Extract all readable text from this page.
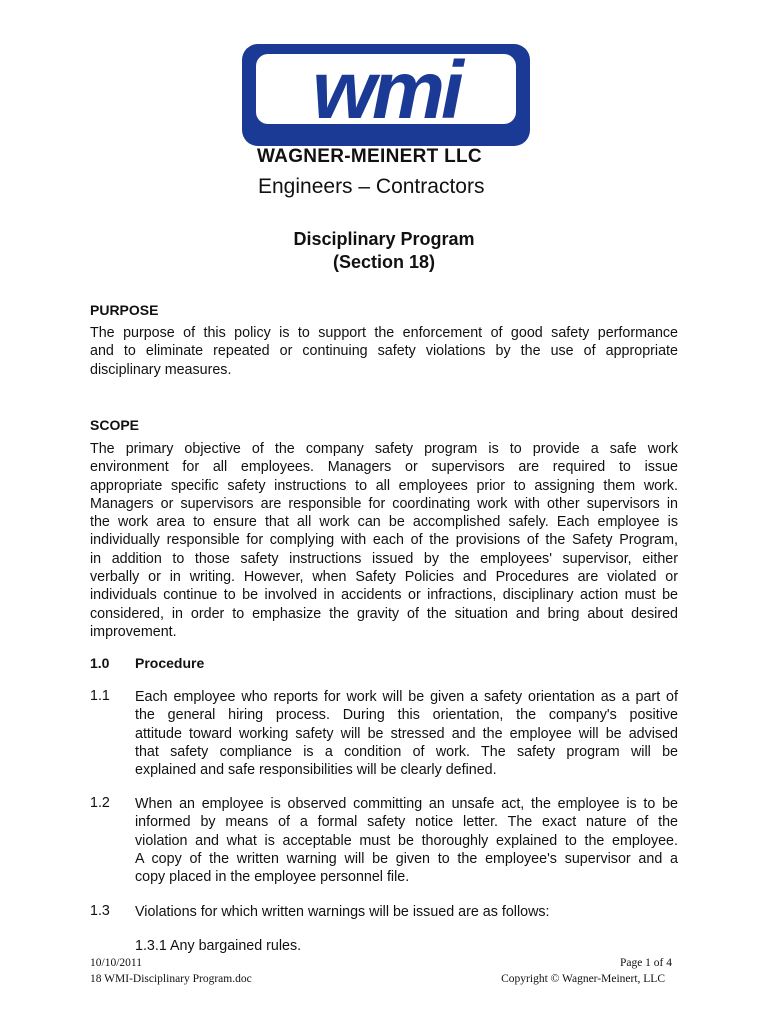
wmi
WAGNER-MEINERT LLC
Engineers – Contractors
Disciplinary Program
(Section 18)
PURPOSE
The purpose of this policy is to support the enforcement of good safety performance
and to eliminate repeated or continuing safety violations by the use of appropriate
disciplinary measures.
SCOPE
The primary objective of the company safety program is to provide a safe work
environment for all employees. Managers or supervisors are required to issue
appropriate specific safety instructions to all employees prior to assigning them work.
Managers or supervisors are responsible for coordinating work with other supervisors in
the work area to ensure that all work can be accomplished safely. Each employee is
individually responsible for complying with each of the provisions of the Safety Program,
in addition to those safety instructions issued by the employees' supervisor, either
verbally or in writing. However, when Safety Policies and Procedures are violated or
individuals continue to be involved in accidents or infractions, disciplinary action must be
considered, in order to emphasize the gravity of the situation and bring about desired
improvement.
1.0 Procedure
1.1 Each employee who reports for work will be given a safety orientation as a part of
the general hiring process. During this orientation, the company's positive
attitude toward working safety will be stressed and the employee will be advised
that safety compliance is a condition of work. The safety program will be
explained and safe responsibilities will be clearly defined.
1.2 When an employee is observed committing an unsafe act, the employee is to be
informed by means of a formal safety notice letter. The exact nature of the
violation and what is acceptable must be thoroughly explained to the employee.
A copy of the written warning will be given to the employee's supervisor and a
copy placed in the employee personnel file.
1.3 Violations for which written warnings will be issued are as follows:
1.3.1 Any bargained rules.
10/10/2011
18 WMI-Disciplinary Program.doc
Page 1 of 4
Copyright © Wagner-Meinert, LLC
